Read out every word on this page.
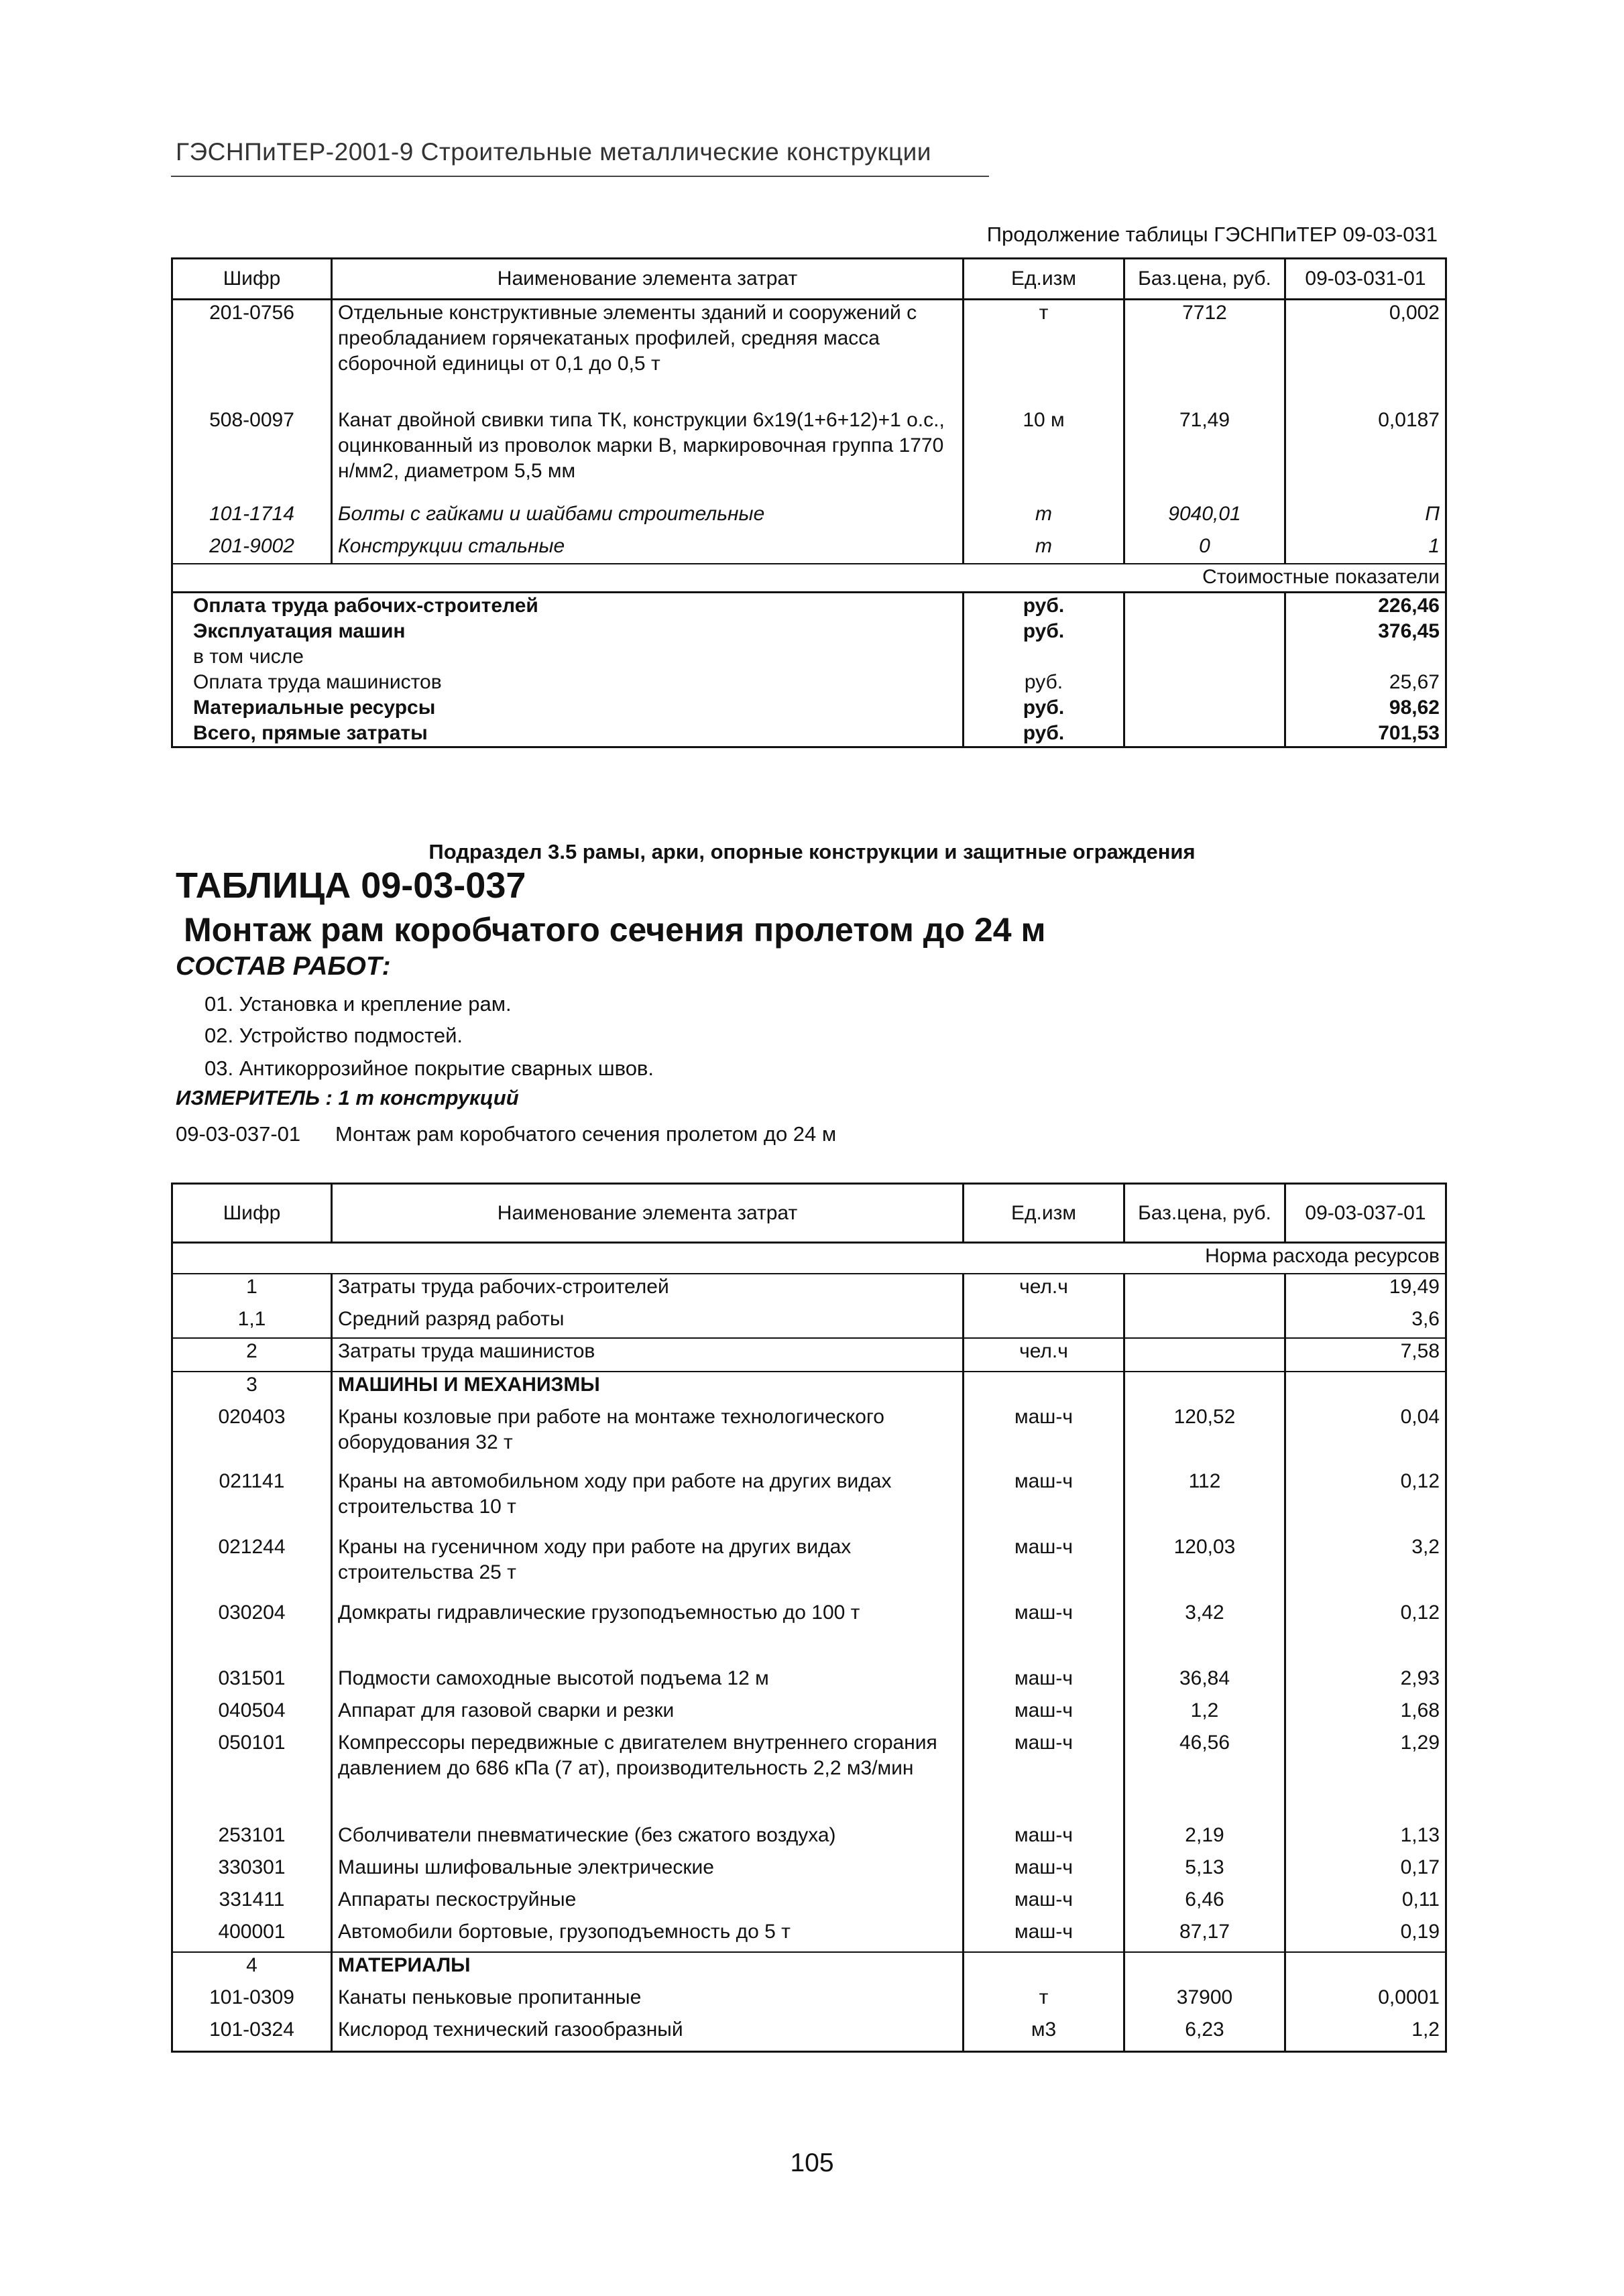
ГЭСНПиТЕР-2001-9 Строительные металлические конструкции
Продолжение таблицы ГЭСНПиТЕР 09-03-031
Шифр	Наименование элемента затрат	Ед.изм	Баз.цена, руб.	09-03-031-01
201-0756	Отдельные конструктивные элементы зданий и сооружений с преобладанием горячекатаных профилей, средняя масса сборочной единицы от 0,1 до 0,5 т	т	7712	0,002
508-0097	Канат двойной свивки типа ТК, конструкции 6х19(1+6+12)+1 о.с., оцинкованный из проволок марки В, маркировочная группа 1770 н/мм2, диаметром 5,5 мм	10 м	71,49	0,0187
101-1714	Болты с гайками и шайбами строительные	т	9040,01	П
201-9002	Конструкции стальные	т	0	1
Стоимостные показатели				
Оплата труда рабочих-строителей		руб.		226,46
Эксплуатация машин		руб.		376,45
в том числе				
Оплата труда машинистов		руб.		25,67
Материальные ресурсы		руб.		98,62
Всего, прямые затраты		руб.		701,53
Подраздел 3.5 рамы, арки, опорные конструкции и защитные ограждения
ТАБЛИЦА 09-03-037
Монтаж рам коробчатого сечения пролетом до 24 м
СОСТАВ РАБОТ:
01. Установка и крепление рам.
02. Устройство подмостей.
03. Антикоррозийное покрытие сварных швов.
ИЗМЕРИТЕЛЬ : 1 т конструкций
09-03-037-01 Монтаж рам коробчатого сечения пролетом до 24 м
Шифр	Наименование элемента затрат	Ед.изм	Баз.цена, руб.	09-03-037-01
Норма расхода ресурсов				
1	Затраты труда рабочих-строителей	чел.ч		19,49
1,1	Средний разряд работы			3,6
2	Затраты труда машинистов	чел.ч		7,58
3	МАШИНЫ И МЕХАНИЗМЫ			
020403	Краны козловые при работе на монтаже технологического оборудования 32 т	маш-ч	120,52	0,04
021141	Краны на автомобильном ходу при работе на других видах строительства 10 т	маш-ч	112	0,12
021244	Краны на гусеничном ходу при работе на других видах строительства 25 т	маш-ч	120,03	3,2
030204	Домкраты гидравлические грузоподъемностью до 100 т	маш-ч	3,42	0,12
031501	Подмости самоходные высотой подъема 12 м	маш-ч	36,84	2,93
040504	Аппарат для газовой сварки и резки	маш-ч	1,2	1,68
050101	Компрессоры передвижные с двигателем внутреннего сгорания давлением до 686 кПа (7 ат), производительность 2,2 м3/мин	маш-ч	46,56	1,29
253101	Сболчиватели пневматические (без сжатого воздуха)	маш-ч	2,19	1,13
330301	Машины шлифовальные электрические	маш-ч	5,13	0,17
331411	Аппараты пескоструйные	маш-ч	6,46	0,11
400001	Автомобили бортовые, грузоподъемность до 5 т	маш-ч	87,17	0,19
4	МАТЕРИАЛЫ			
101-0309	Канаты пеньковые пропитанные	т	37900	0,0001
101-0324	Кислород технический газообразный	м3	6,23	1,2
105
